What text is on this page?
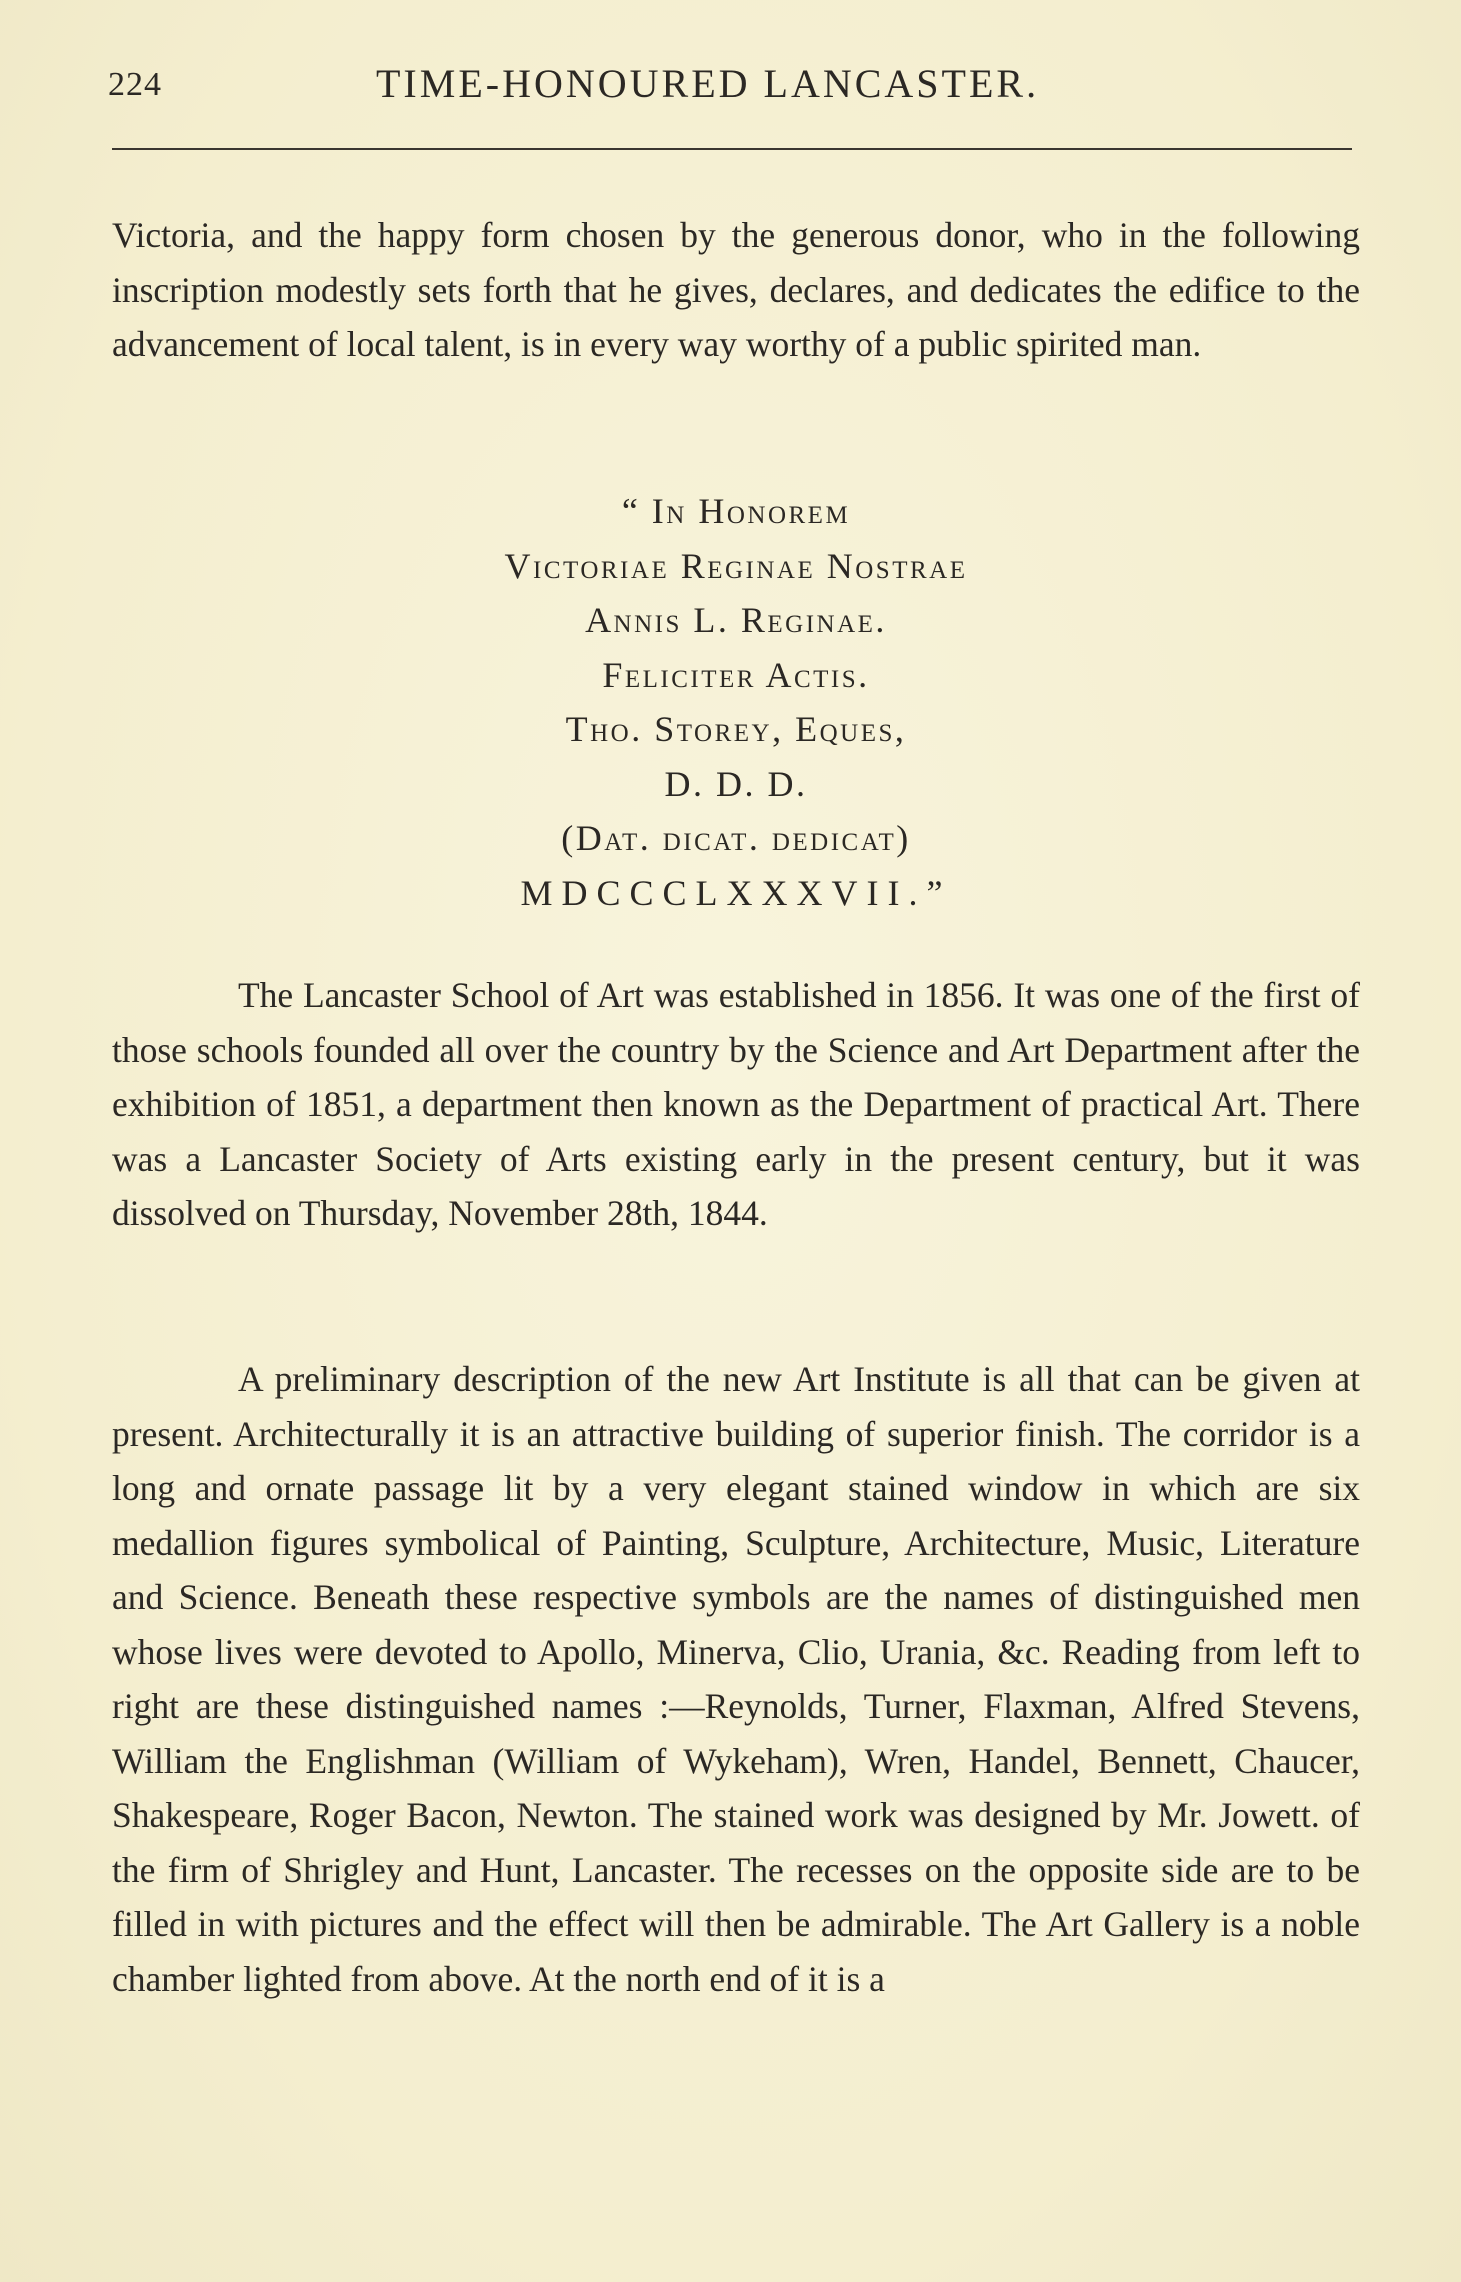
224	TIME-HONOURED LANCASTER.

Victoria, and the happy form chosen by the generous donor, who in the following inscription modestly sets forth that he gives, declares, and dedicates the edifice to the advancement of local talent, is in every way worthy of a public spirited man.

“ In Honorem
Victoriae Reginae Nostrae
Annis L. Reginae.
Feliciter Actis.
Tho. Storey, Eques,
D. D. D.
(Dat. dicat. dedicat)
MDCCCLXXXVII.”

The Lancaster School of Art was established in 1856. It was one of the first of those schools founded all over the country by the Science and Art Department after the exhibition of 1851, a department then known as the Department of practical Art. There was a Lancaster Society of Arts existing early in the present century, but it was dissolved on Thursday, November 28th, 1844.

A preliminary description of the new Art Institute is all that can be given at present. Architecturally it is an attractive building of superior finish. The corridor is a long and ornate passage lit by a very elegant stained window in which are six medallion figures symbolical of Painting, Sculpture, Architecture, Music, Literature and Science. Beneath these respective symbols are the names of distinguished men whose lives were devoted to Apollo, Minerva, Clio, Urania, &c. Reading from left to right are these distinguished names :—Reynolds, Turner, Flaxman, Alfred Stevens, William the Englishman (William of Wykeham), Wren, Handel, Bennett, Chaucer, Shakespeare, Roger Bacon, Newton. The stained work was designed by Mr. Jowett. of the firm of Shrigley and Hunt, Lancaster. The recesses on the opposite side are to be filled in with pictures and the effect will then be admirable. The Art Gallery is a noble chamber lighted from above. At the north end of it is a
